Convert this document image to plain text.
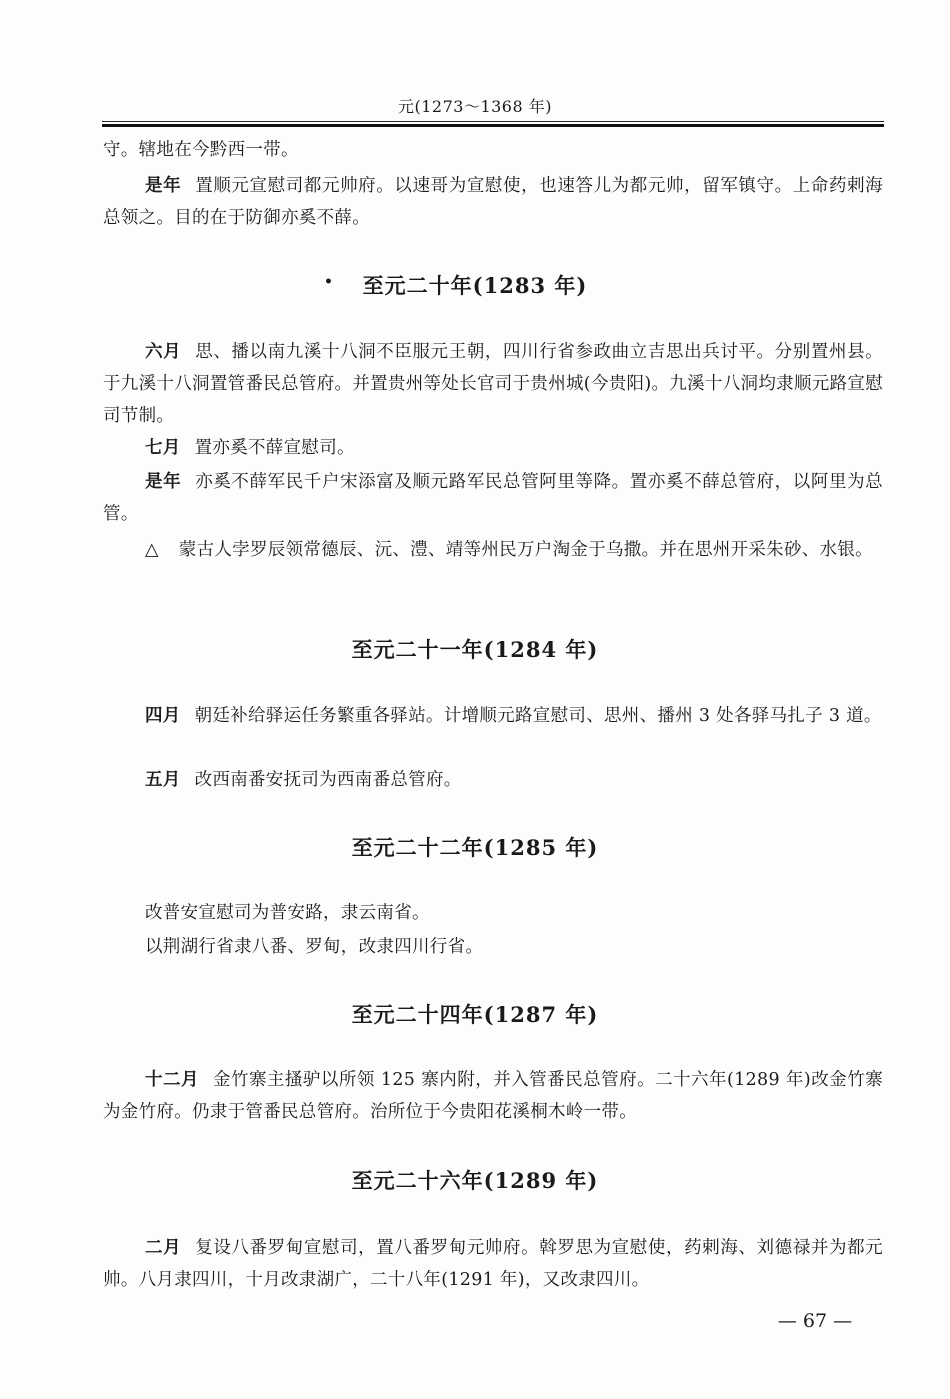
元(1273～1368 年)

守。辖地在今黔西一带。

是年 置顺元宣慰司都元帅府。以速哥为宣慰使，也速答儿为都元帅，留军镇守。上命药剌海总领之。目的在于防御亦奚不薛。

• 至元二十年(1283 年)

六月 思、播以南九溪十八洞不臣服元王朝，四川行省参政曲立吉思出兵讨平。分别置州县。于九溪十八洞置管番民总管府。并置贵州等处长官司于贵州城(今贵阳)。九溪十八洞均隶顺元路宣慰司节制。

七月 置亦奚不薛宣慰司。

是年 亦奚不薛军民千户宋添富及顺元路军民总管阿里等降。置亦奚不薛总管府，以阿里为总管。

△ 蒙古人孛罗辰领常德辰、沅、澧、靖等州民万户淘金于乌撒。并在思州开采朱砂、水银。

至元二十一年(1284 年)

四月 朝廷补给驿运任务繁重各驿站。计增顺元路宣慰司、思州、播州 3 处各驿马扎子 3 道。

五月 改西南番安抚司为西南番总管府。

至元二十二年(1285 年)

改普安宣慰司为普安路，隶云南省。

以荆湖行省隶八番、罗甸，改隶四川行省。

至元二十四年(1287 年)

十二月 金竹寨主搔驴以所领 125 寨内附，并入管番民总管府。二十六年(1289 年)改金竹寨为金竹府。仍隶于管番民总管府。治所位于今贵阳花溪桐木岭一带。

至元二十六年(1289 年)

二月 复设八番罗甸宣慰司，置八番罗甸元帅府。斡罗思为宣慰使，药剌海、刘德禄并为都元帅。八月隶四川，十月改隶湖广，二十八年(1291 年)，又改隶四川。

— 67 —
